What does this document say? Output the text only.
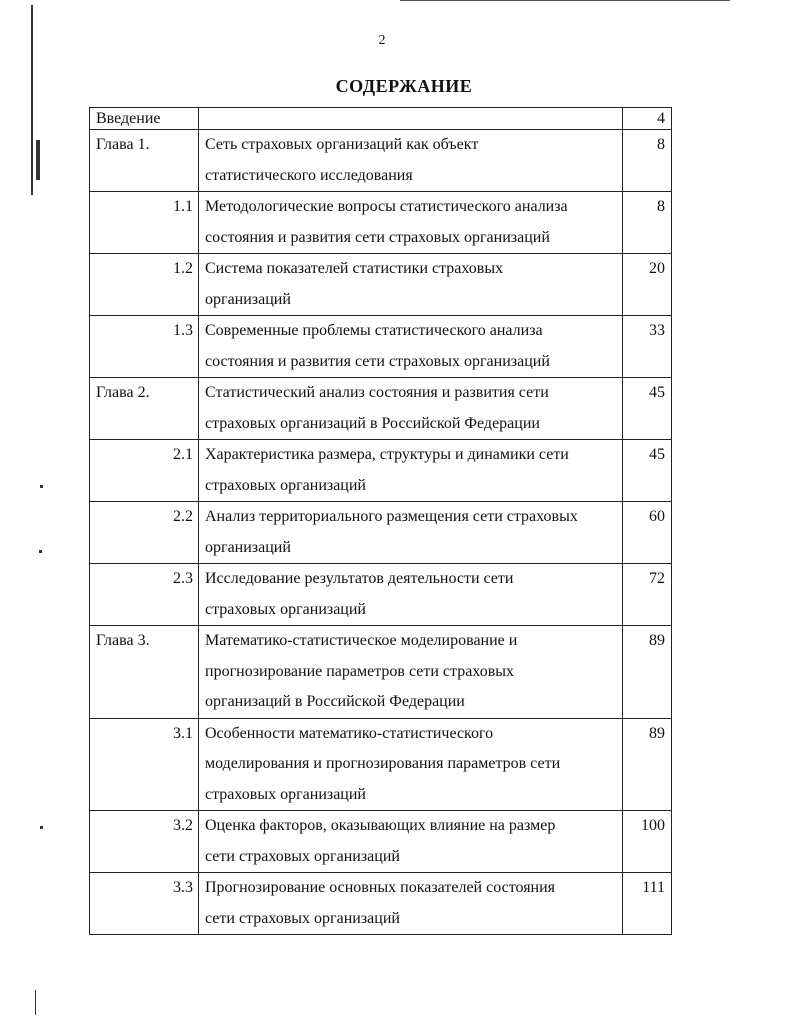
2
СОДЕРЖАНИЕ
Введение		4
Глава 1.	Сеть страховых организаций как объект
статистического исследования	8
1.1	Методологические вопросы статистического анализа
состояния и развития сети страховых организаций	8
1.2	Система показателей статистики страховых
организаций	20
1.3	Современные проблемы статистического анализа
состояния и развития сети страховых организаций	33
Глава 2.	Статистический анализ состояния и развития сети
страховых организаций в Российской Федерации	45
2.1	Характеристика размера, структуры и динамики сети
страховых организаций	45
2.2	Анализ территориального размещения сети страховых
организаций	60
2.3	Исследование результатов деятельности сети
страховых организаций	72
Глава 3.	Математико-статистическое моделирование и
прогнозирование параметров сети страховых
организаций в Российской Федерации	89
3.1	Особенности математико-статистического
моделирования и прогнозирования параметров сети
страховых организаций	89
3.2	Оценка факторов, оказывающих влияние на размер
сети страховых организаций	100
3.3	Прогнозирование основных показателей состояния
сети страховых организаций	111
